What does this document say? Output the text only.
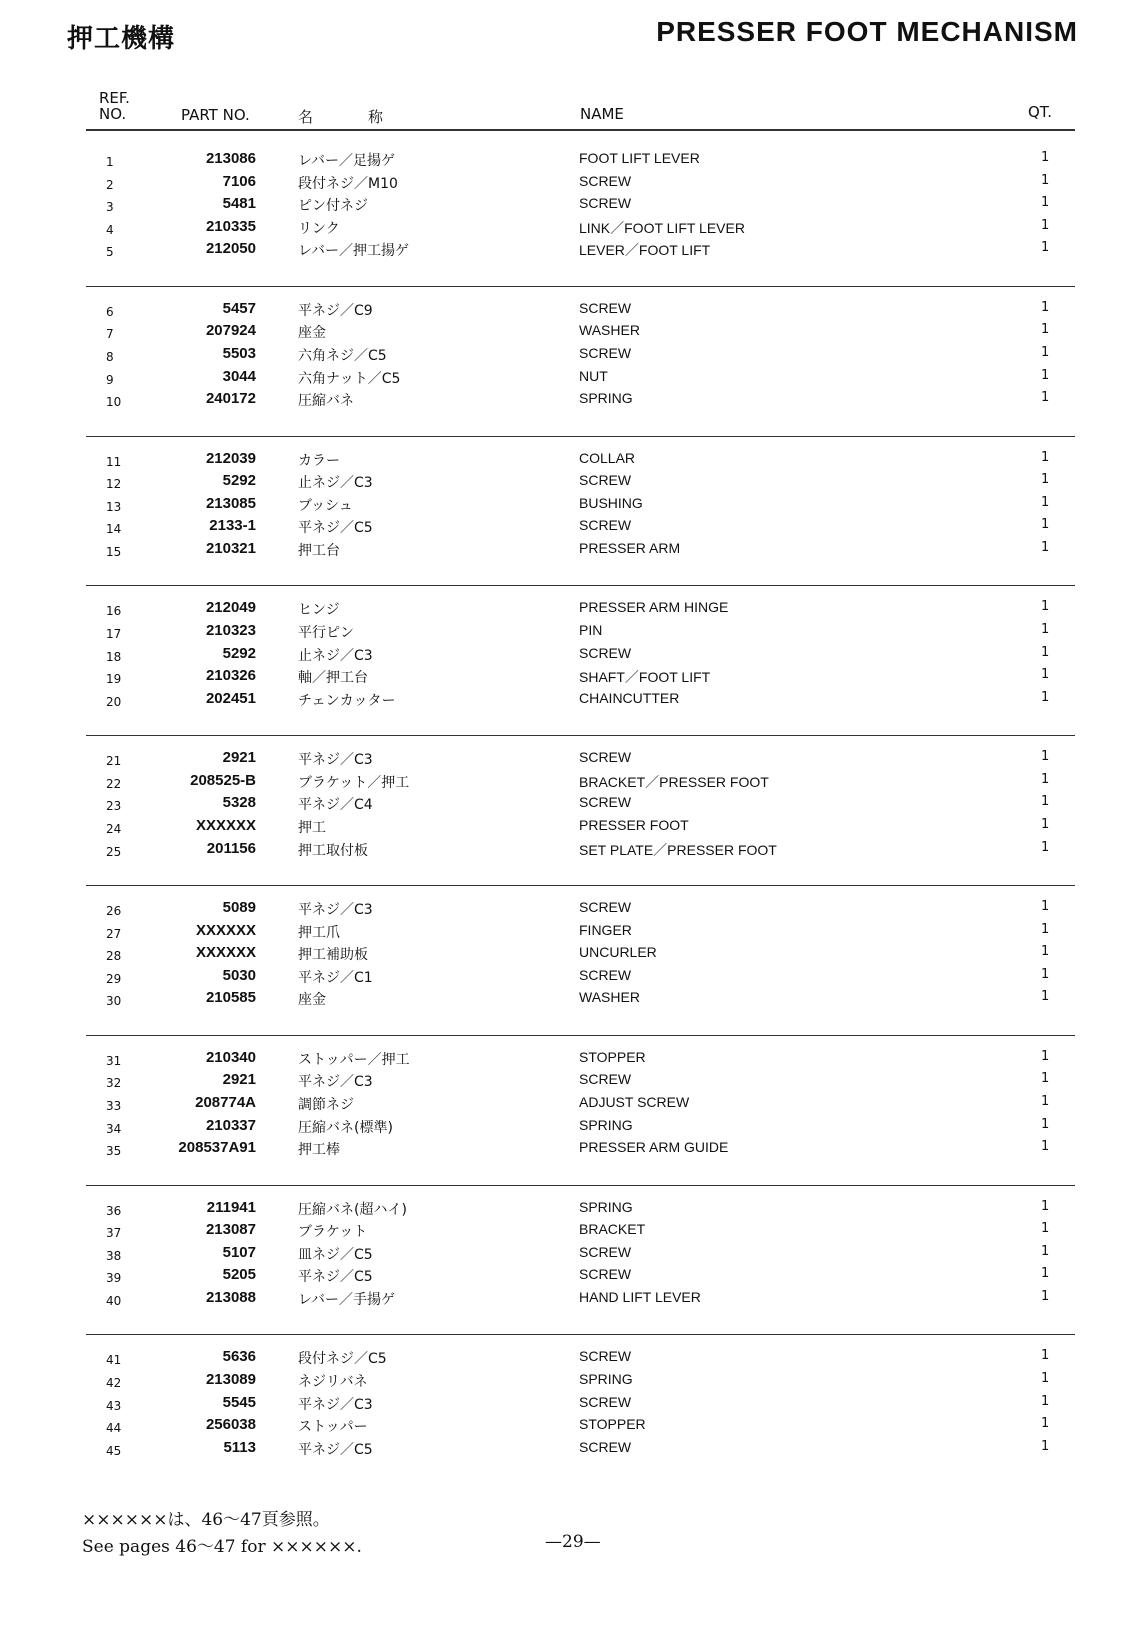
押工機構	PRESSER FOOT MECHANISM
REF.
NO.	PART NO.	名	称	NAME	QT.
1	213086	レバー／足揚ゲ	FOOT LIFT LEVER	1
2	7106	段付ネジ／M10	SCREW	1
3	5481	ピン付ネジ	SCREW	1
4	210335	リンク	LINK／FOOT LIFT LEVER	1
5	212050	レバー／押工揚ゲ	LEVER／FOOT LIFT	1
6	5457	平ネジ／C9	SCREW	1
7	207924	座金	WASHER	1
8	5503	六角ネジ／C5	SCREW	1
9	3044	六角ナット／C5	NUT	1
10	240172	圧縮バネ	SPRING	1
11	212039	カラー	COLLAR	1
12	5292	止ネジ／C3	SCREW	1
13	213085	ブッシュ	BUSHING	1
14	2133-1	平ネジ／C5	SCREW	1
15	210321	押工台	PRESSER ARM	1
16	212049	ヒンジ	PRESSER ARM HINGE	1
17	210323	平行ピン	PIN	1
18	5292	止ネジ／C3	SCREW	1
19	210326	軸／押工台	SHAFT／FOOT LIFT	1
20	202451	チェンカッター	CHAINCUTTER	1
21	2921	平ネジ／C3	SCREW	1
22	208525-B	ブラケット／押工	BRACKET／PRESSER FOOT	1
23	5328	平ネジ／C4	SCREW	1
24	XXXXXX	押工	PRESSER FOOT	1
25	201156	押工取付板	SET PLATE／PRESSER FOOT	1
26	5089	平ネジ／C3	SCREW	1
27	XXXXXX	押工爪	FINGER	1
28	XXXXXX	押工補助板	UNCURLER	1
29	5030	平ネジ／C1	SCREW	1
30	210585	座金	WASHER	1
31	210340	ストッパー／押工	STOPPER	1
32	2921	平ネジ／C3	SCREW	1
33	208774A	調節ネジ	ADJUST SCREW	1
34	210337	圧縮バネ(標準)	SPRING	1
35	208537A91	押工棒	PRESSER ARM GUIDE	1
36	211941	圧縮バネ(超ハイ)	SPRING	1
37	213087	ブラケット	BRACKET	1
38	5107	皿ネジ／C5	SCREW	1
39	5205	平ネジ／C5	SCREW	1
40	213088	レバー／手揚ゲ	HAND LIFT LEVER	1
41	5636	段付ネジ／C5	SCREW	1
42	213089	ネジリバネ	SPRING	1
43	5545	平ネジ／C3	SCREW	1
44	256038	ストッパー	STOPPER	1
45	5113	平ネジ／C5	SCREW	1
××××××は、46～47頁参照。
See pages 46～47 for ××××××.	—29—
